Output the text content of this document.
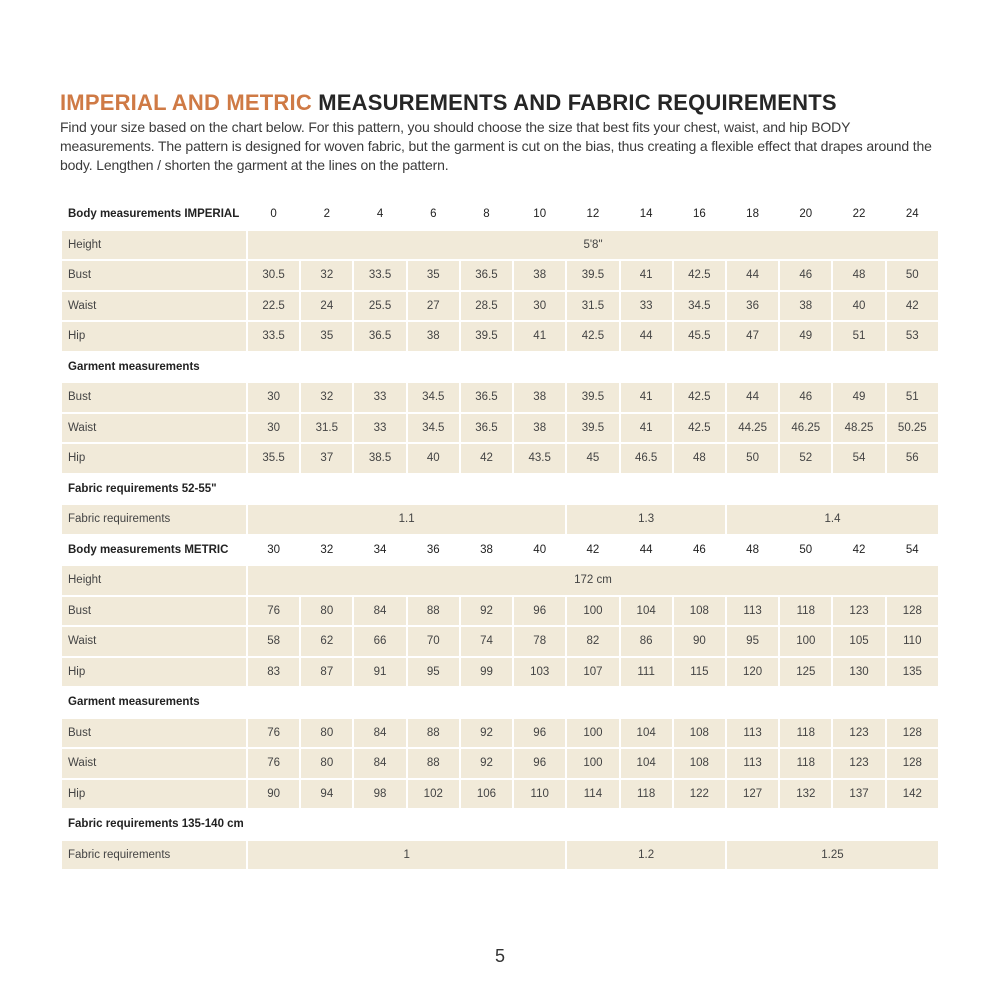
IMPERIAL AND METRIC MEASUREMENTS AND FABRIC REQUIREMENTS

Find your size based on the chart below. For this pattern, you should choose the size that best fits your chest, waist, and hip BODY measurements. The pattern is designed for woven fabric, but the garment is cut on the bias, thus creating a flexible effect that drapes around the body. Lengthen / shorten the garment at the lines on the pattern.

Body measurements IMPERIAL	0	2	4	6	8	10	12	14	16	18	20	22	24
Height	5'8"												
Bust	30.5	32	33.5	35	36.5	38	39.5	41	42.5	44	46	48	50
Waist	22.5	24	25.5	27	28.5	30	31.5	33	34.5	36	38	40	42
Hip	33.5	35	36.5	38	39.5	41	42.5	44	45.5	47	49	51	53
Garment measurements													
Bust	30	32	33	34.5	36.5	38	39.5	41	42.5	44	46	49	51
Waist	30	31.5	33	34.5	36.5	38	39.5	41	42.5	44.25	46.25	48.25	50.25
Hip	35.5	37	38.5	40	42	43.5	45	46.5	48	50	52	54	56
Fabric requirements 52-55"													
Fabric requirements	1.1						1.3			1.4			
Body measurements METRIC	30	32	34	36	38	40	42	44	46	48	50	42	54
Height	172 cm												
Bust	76	80	84	88	92	96	100	104	108	113	118	123	128
Waist	58	62	66	70	74	78	82	86	90	95	100	105	110
Hip	83	87	91	95	99	103	107	111	115	120	125	130	135
Garment measurements													
Bust	76	80	84	88	92	96	100	104	108	113	118	123	128
Waist	76	80	84	88	92	96	100	104	108	113	118	123	128
Hip	90	94	98	102	106	110	114	118	122	127	132	137	142
Fabric requirements 135-140 cm													
Fabric requirements	1						1.2			1.25			
5
